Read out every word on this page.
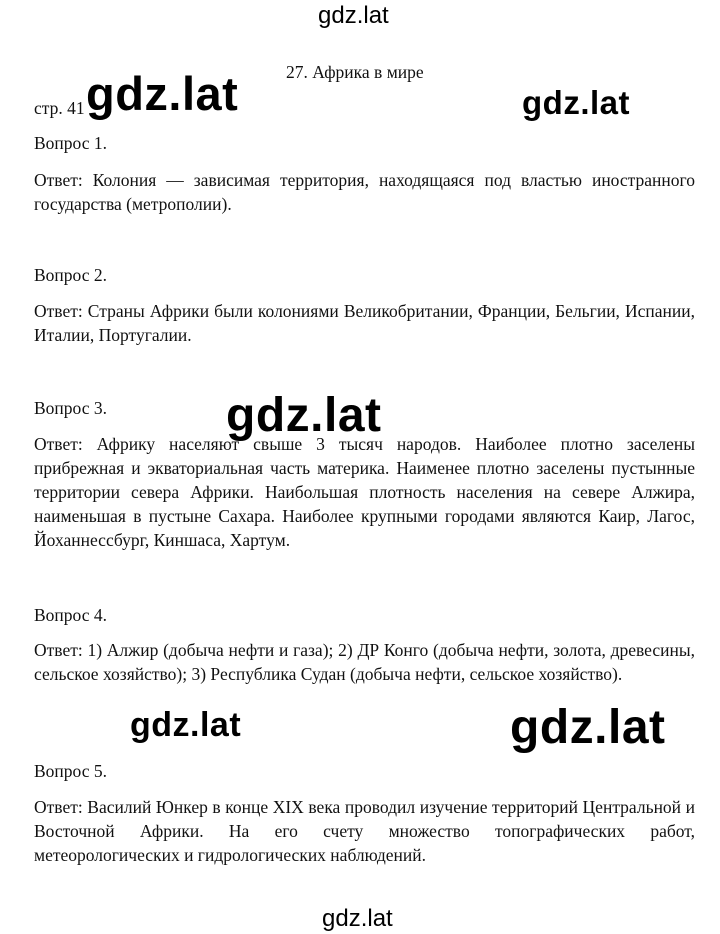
gdz.lat
27. Африка в мире
стр. 41 gdz.lat	gdz.lat
Вопрос 1.
Ответ: Колония — зависимая территория, находящаяся под властью иностранного государства (метрополии).
Вопрос 2.
Ответ: Страны Африки были колониями Великобритании, Франции, Бельгии, Испании, Италии, Португалии.
Вопрос 3.
Ответ: Африку населяют свыше 3 тысяч народов. Наиболее плотно заселены прибрежная и экваториальная часть материка. Наименее плотно заселены пустынные территории севера Африки. Наибольшая плотность населения на севере Алжира, наименьшая в пустыне Сахара. Наиболее крупными городами являются Каир, Лагос, Йоханнессбург, Киншаса, Хартум.
gdz.lat
Вопрос 4.
Ответ: 1) Алжир (добыча нефти и газа); 2) ДР Конго (добыча нефти, золота, древесины, сельское хозяйство); 3) Республика Судан (добыча нефти, сельское хозяйство).
gdz.lat	gdz.lat
Вопрос 5.
Ответ: Василий Юнкер в конце XIX века проводил изучение территорий Центральной и Восточной Африки. На его счету множество топографических работ, метеорологических и гидрологических наблюдений.
gdz.lat
